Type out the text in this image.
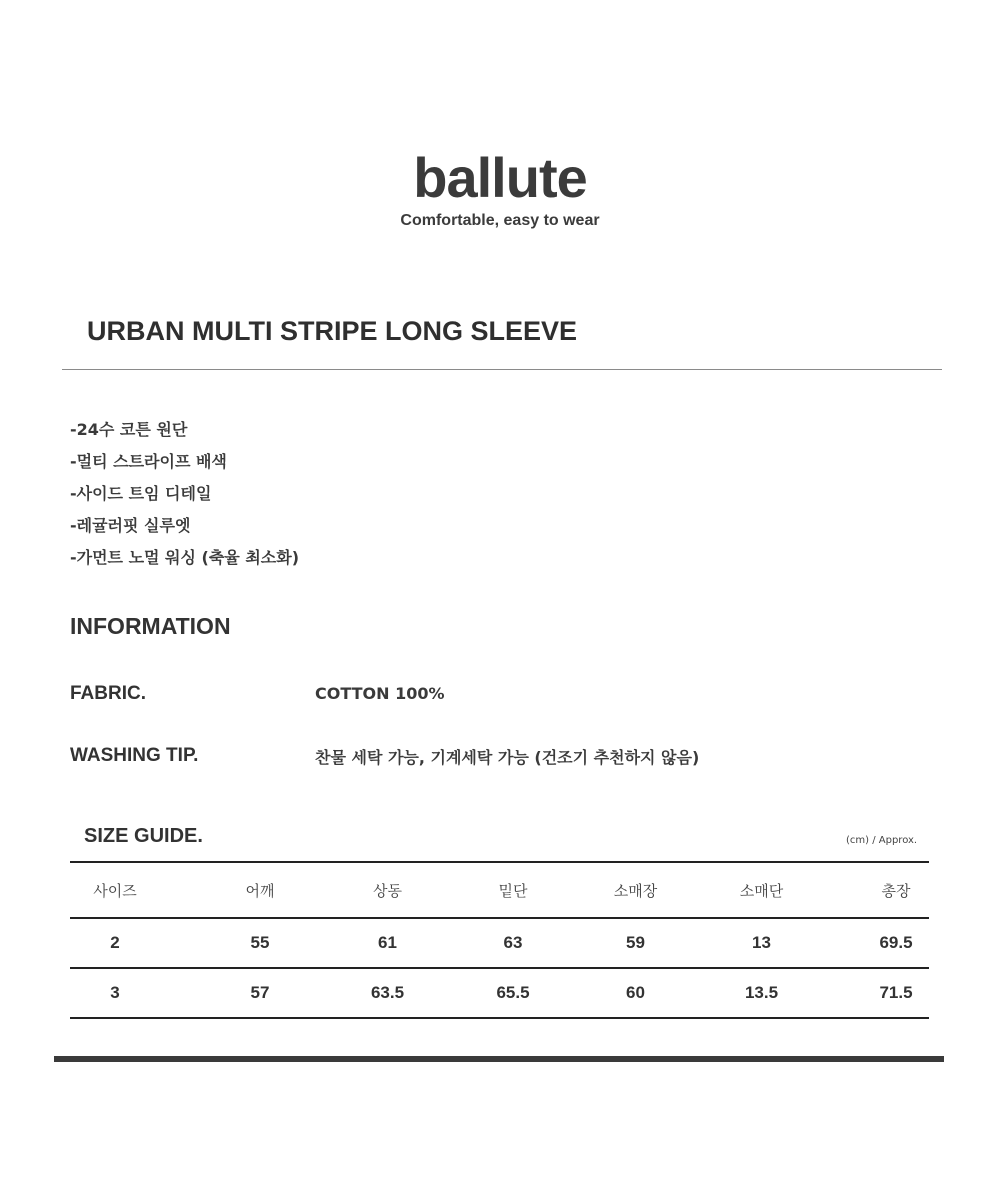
ballute
Comfortable, easy to wear
URBAN MULTI STRIPE LONG SLEEVE
-24수 코튼 원단
-멀티 스트라이프 배색
-사이드 트임 디테일
-레귤러핏 실루엣
-가먼트 노멀 워싱 (축율 최소화)
INFORMATION
FABRIC.	COTTON 100%
WASHING TIP.	찬물 세탁 가능, 기계세탁 가능 (건조기 추천하지 않음)
SIZE GUIDE.	(cm) / Approx.
사이즈	어깨	상동	밑단	소매장	소매단	총장
2	55	61	63	59	13	69.5
3	57	63.5	65.5	60	13.5	71.5
